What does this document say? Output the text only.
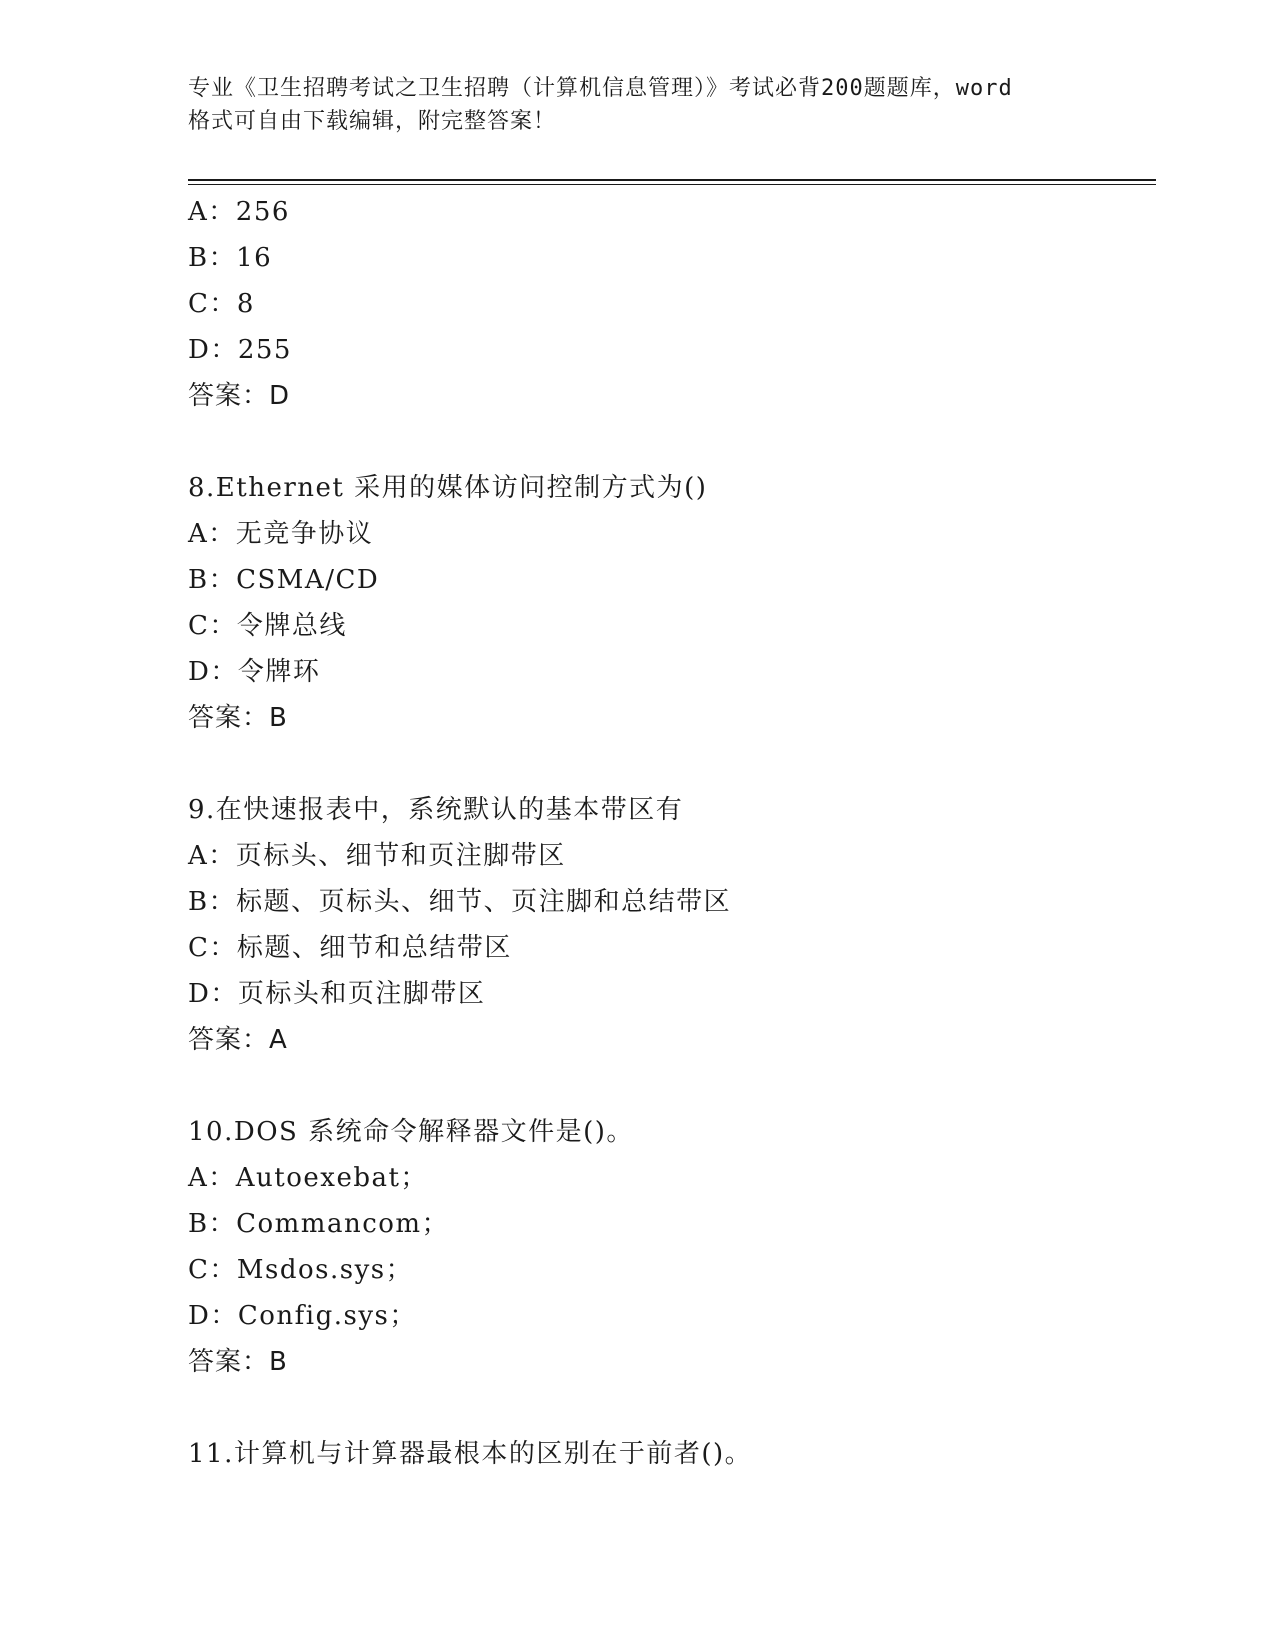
专业《卫生招聘考试之卫生招聘（计算机信息管理）》考试必背200题题库，word
格式可自由下载编辑，附完整答案！
A：256
B：16
C：8
D：255
答案：D
8.Ethernet 采用的媒体访问控制方式为()
A：无竞争协议
B：CSMA/CD
C：令牌总线
D：令牌环
答案：B
9.在快速报表中，系统默认的基本带区有
A：页标头、细节和页注脚带区
B：标题、页标头、细节、页注脚和总结带区
C：标题、细节和总结带区
D：页标头和页注脚带区
答案：A
10.DOS 系统命令解释器文件是()。
A：Autoexebat；
B：Commancom；
C：Msdos.sys；
D：Config.sys；
答案：B
11.计算机与计算器最根本的区别在于前者()。
